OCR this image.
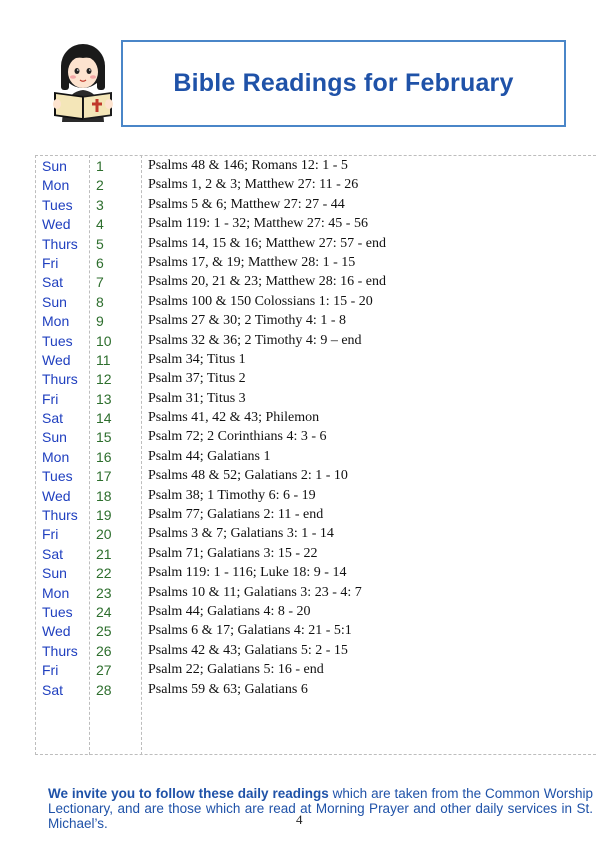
Bible Readings for February
Sun 1	Psalms 48 & 146; Romans 12: 1 - 5
Mon 2	Psalms 1, 2 & 3; Matthew 27: 11 - 26
Tues 3	Psalms 5 & 6; Matthew 27: 27 - 44
Wed 4	Psalm 119: 1 - 32; Matthew 27: 45 - 56
Thurs 5	Psalms 14, 15 & 16; Matthew 27: 57 - end
Fri	6	Psalms 17, & 19; Matthew 28: 1 - 15
Sat 7	Psalms 20, 21 & 23; Matthew 28: 16 - end
Sun 8	Psalms 100 & 150 Colossians 1: 15 - 20
Mon 9	Psalms 27 & 30; 2 Timothy 4: 1 - 8
Tues 10	Psalms 32 & 36; 2 Timothy 4: 9 – end
Wed 11	Psalm 34; Titus 1
Thurs 12	Psalm 37; Titus 2
Fri	13	Psalm 31; Titus 3
Sat 14	Psalms 41, 42 & 43; Philemon
Sun 15	Psalm 72; 2 Corinthians 4: 3 - 6
Mon 16	Psalm 44; Galatians 1
Tues 17	Psalms 48 & 52; Galatians 2: 1 - 10
Wed 18	Psalm 38; 1 Timothy 6: 6 - 19
Thurs 19	Psalm 77; Galatians 2: 11 - end
Fri	20	Psalms 3 & 7; Galatians 3: 1 - 14
Sat 21	Psalm 71; Galatians 3: 15 - 22
Sun 22	Psalm 119: 1 - 116; Luke 18: 9 - 14
Mon 23	Psalms 10 & 11; Galatians 3: 23 - 4: 7
Tues 24	Psalm 44; Galatians 4: 8 - 20
Wed 25	Psalms 6 & 17; Galatians 4: 21 - 5:1
Thurs 26	Psalms 42 & 43; Galatians 5: 2 - 15
Fri	27	Psalm 22; Galatians 5: 16 - end
Sat 28	Psalms 59 & 63; Galatians 6

We invite you to follow these daily readings which are taken from the Common Worship Lectionary, and are those which are read at Morning Prayer and other daily services in St. Michael’s.	4
